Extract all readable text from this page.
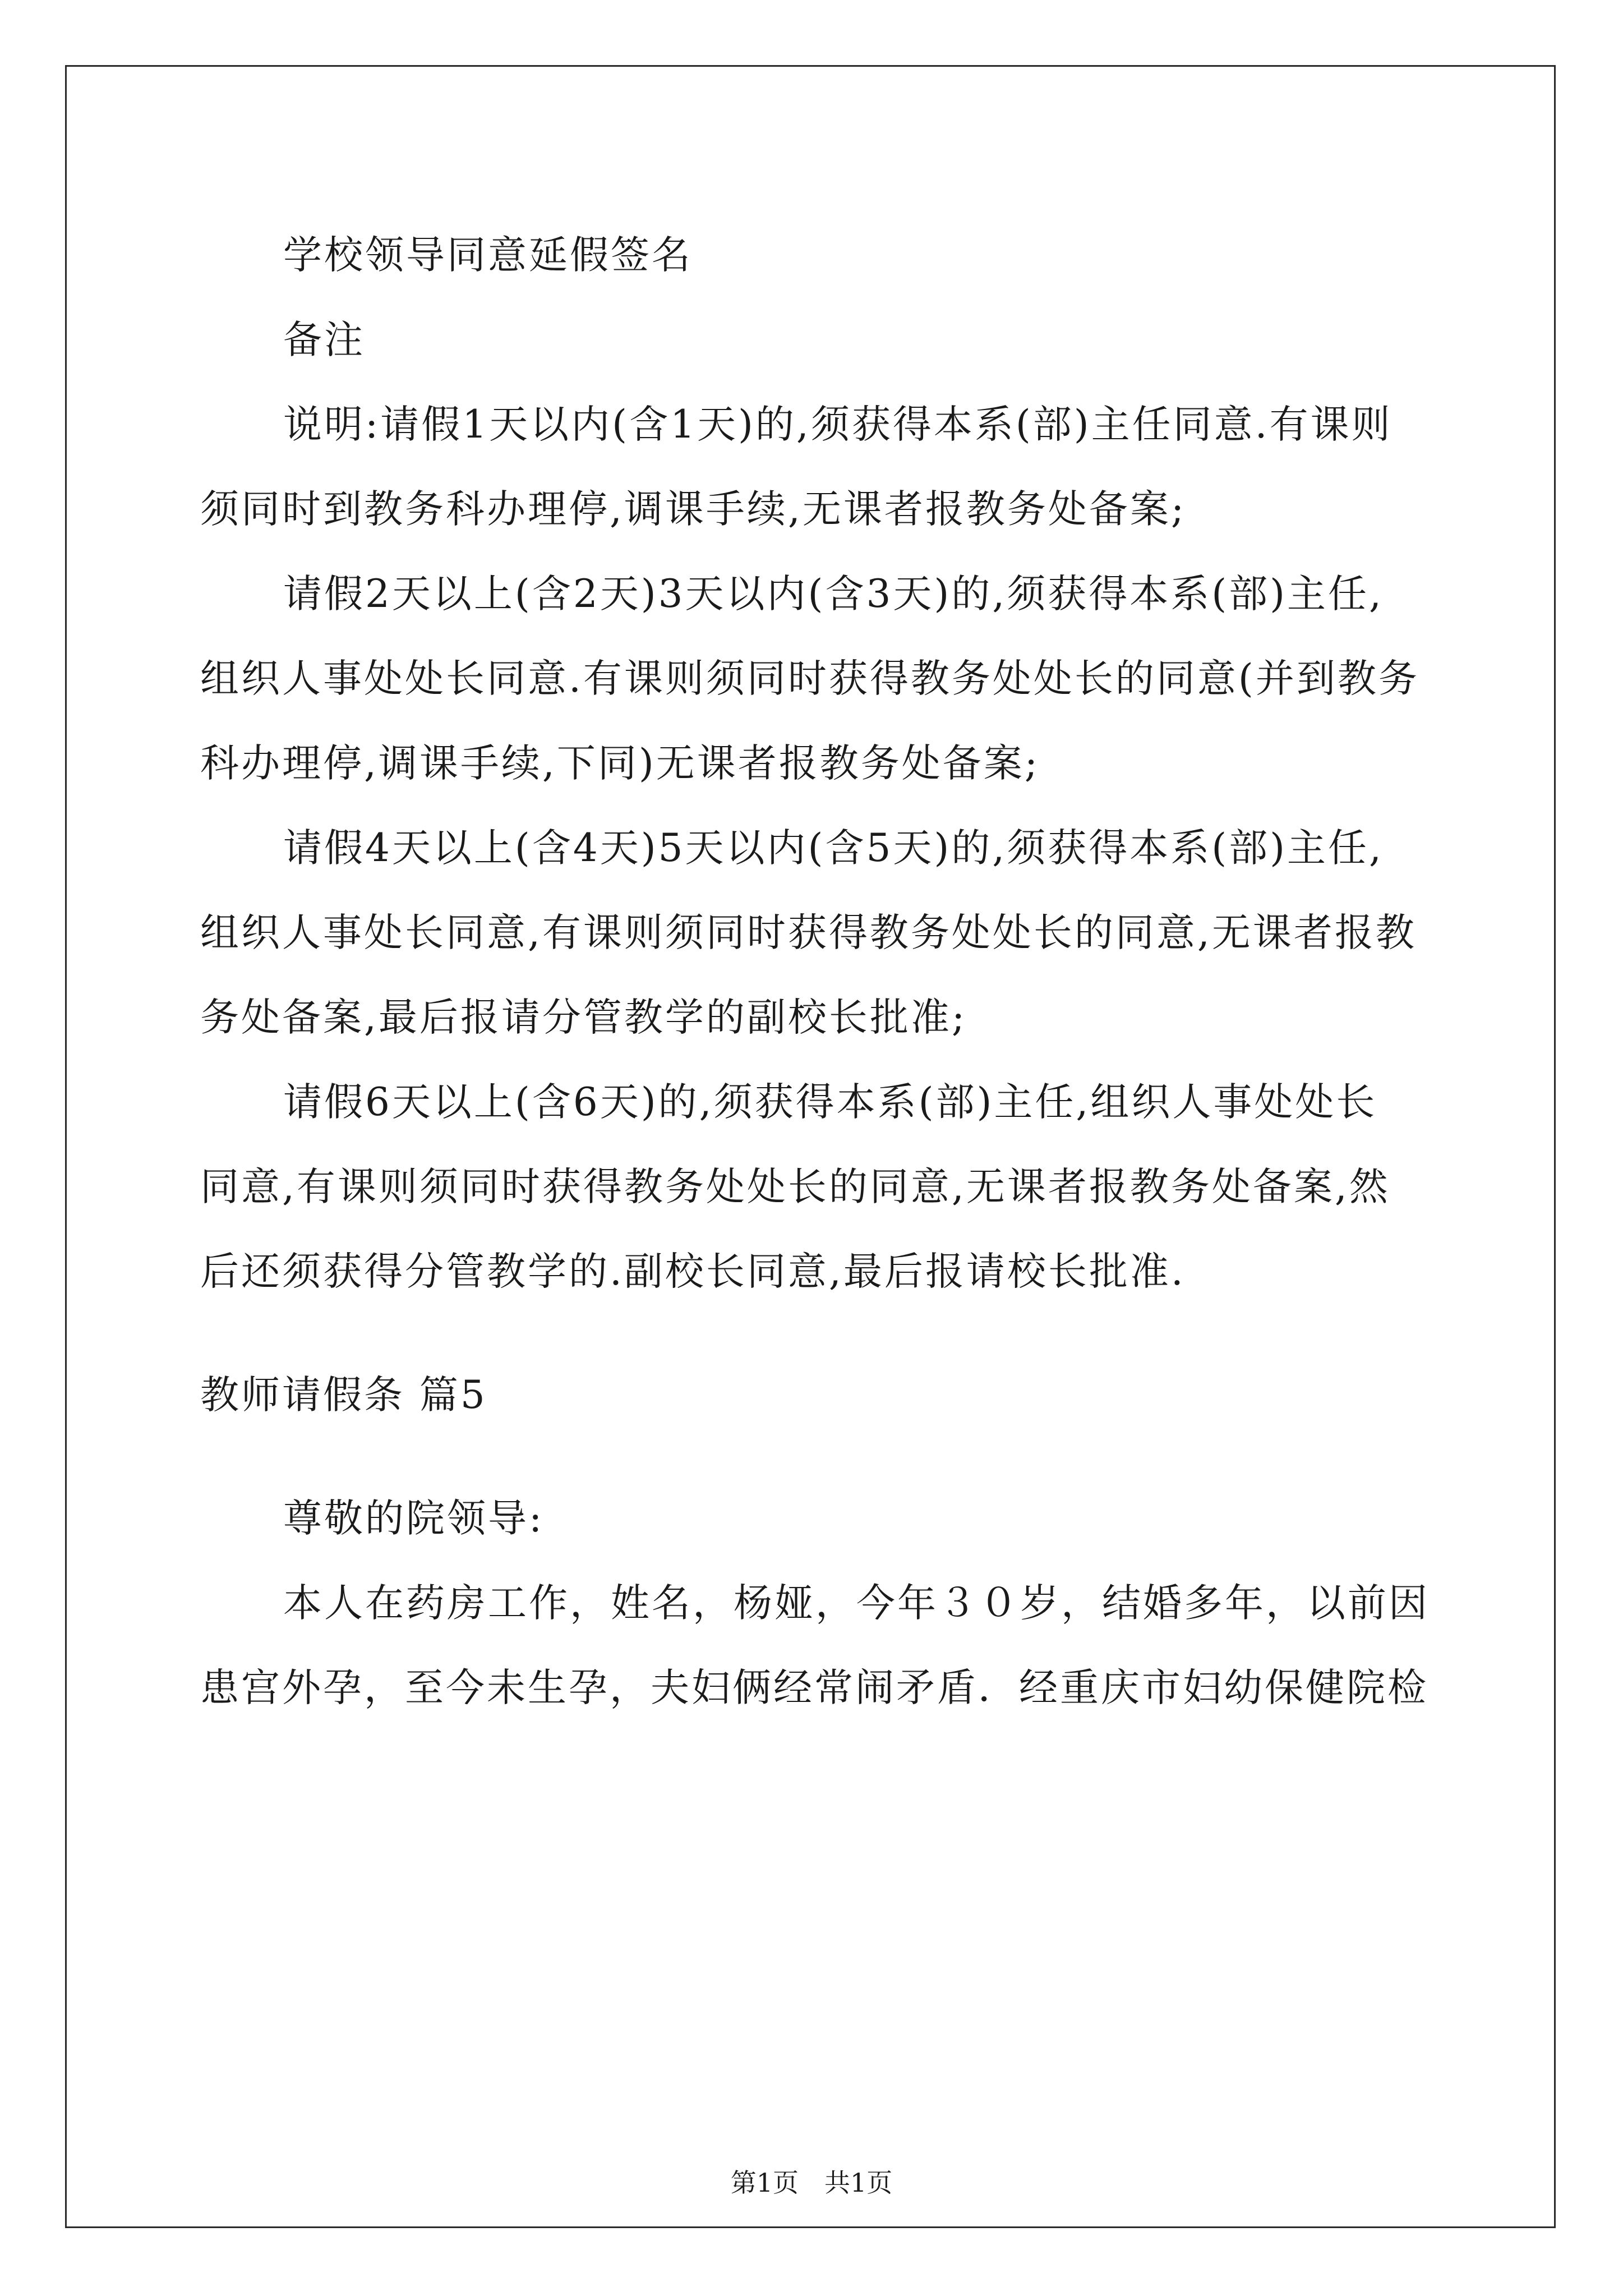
学校领导同意延假签名

备注

说明:请假1天以内(含1天)的,须获得本系(部)主任同意.有课则

须同时到教务科办理停,调课手续,无课者报教务处备案;

请假2天以上(含2天)3天以内(含3天)的,须获得本系(部)主任,

组织人事处处长同意.有课则须同时获得教务处处长的同意(并到教务

科办理停,调课手续,下同)无课者报教务处备案;

请假4天以上(含4天)5天以内(含5天)的,须获得本系(部)主任,

组织人事处长同意,有课则须同时获得教务处处长的同意,无课者报教

务处备案,最后报请分管教学的副校长批准;

请假6天以上(含6天)的,须获得本系(部)主任,组织人事处处长

同意,有课则须同时获得教务处处长的同意,无课者报教务处备案,然

后还须获得分管教学的.副校长同意,最后报请校长批准.

教师请假条 篇5

尊敬的院领导:

本人在药房工作，姓名，杨娅，今年３０岁，结婚多年，以前因

患宫外孕，至今未生孕，夫妇俩经常闹矛盾．经重庆市妇幼保健院检

第1页　共1页
